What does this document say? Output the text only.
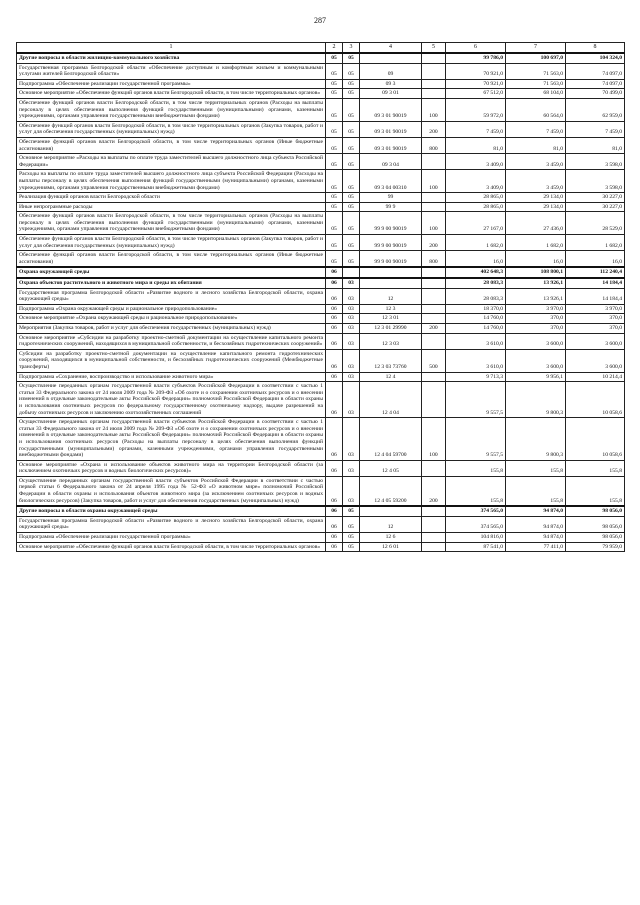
287
1	2	3	4	5	6	7	8
Другие вопросы в области жилищно-коммунального хозяйства	05	05			99 786,0	100 697,0	104 324,0
Государственная программа Белгородской области «Обеспечение доступным и комфортным жильем и коммунальными услугами жителей Белгородской области»	05	05	09		70 921,0	71 563,0	74 097,0
Подпрограмма «Обеспечение реализации государственной программы»	05	05	09 3		70 921,0	71 563,0	74 097,0
Основное мероприятие «Обеспечение функций органов власти Белгородской области, в том числе территориальных органов»	05	05	09 3 01		67 512,0	68 104,0	70 499,0
Обеспечение функций органов власти Белгородской области, в том числе территориальных органов (Расходы на выплаты персоналу в целях обеспечения выполнения функций государственными (муниципальными) органами, казенными учреждениями, органами управления государственными внебюджетными фондами)	05	05	09 3 01 90019	100	59 972,0	60 564,0	62 959,0
Обеспечение функций органов власти Белгородской области, в том числе территориальных органов (Закупка товаров, работ и услуг для обеспечения государственных (муниципальных) нужд)	05	05	09 3 01 90019	200	7 459,0	7 459,0	7 459,0
Обеспечение функций органов власти Белгородской области, в том числе территориальных органов (Иные бюджетные ассигнования)	05	05	09 3 01 90019	800	81,0	81,0	81,0
Основное мероприятие «Расходы на выплаты по оплате труда заместителей высшего должностного лица субъекта Российской Федерации»	05	05	09 3 04		3 409,0	3 459,0	3 598,0
Расходы на выплаты по оплате труда заместителей высшего должностного лица субъекта Российской Федерации (Расходы на выплаты персоналу в целях обеспечения выполнения функций государственными (муниципальными) органами, казенными учреждениями, органами управления государственными внебюджетными фондами)	05	05	09 3 04 00310	100	3 409,0	3 459,0	3 598,0
Реализация функций органов власти Белгородской области	05	05	99		28 865,0	29 134,0	30 227,0
Иные непрограммные расходы	05	05	99 9		28 865,0	29 134,0	30 227,0
Обеспечение функций органов власти Белгородской области, в том числе территориальных органов (Расходы на выплаты персоналу в целях обеспечения выполнения функций государственными (муниципальными) органами, казенными учреждениями, органами управления государственными внебюджетными фондами)	05	05	99 9 00 90019	100	27 167,0	27 436,0	28 529,0
Обеспечение функций органов власти Белгородской области, в том числе территориальных органов (Закупка товаров, работ и услуг для обеспечения государственных (муниципальных) нужд)	05	05	99 9 00 90019	200	1 682,0	1 682,0	1 682,0
Обеспечение функций органов власти Белгородской области, в том числе территориальных органов (Иные бюджетные ассигнования)	05	05	99 9 00 90019	800	16,0	16,0	16,0
Охрана окружающей среды	06				402 648,3	108 800,1	112 240,4
Охрана объектов растительного и животного мира и среды их обитания	06	03			28 083,3	13 926,1	14 184,4
Государственная программа Белгородской области «Развитие водного и лесного хозяйства Белгородской области, охрана окружающей среды»	06	03	12		28 083,3	13 926,1	14 184,4
Подпрограмма «Охрана окружающей среды и рациональное природопользование»	06	03	12 3		18 370,0	3 970,0	3 970,0
Основное мероприятие «Охрана окружающей среды и рациональное природопользование»	06	03	12 3 01		14 760,0	370,0	370,0
Мероприятия (Закупка товаров, работ и услуг для обеспечения государственных (муниципальных) нужд)	06	03	12 3 01 29990	200	14 760,0	370,0	370,0
Основное мероприятие «Субсидии на разработку проектно-сметной документации на осуществление капитального ремонта гидротехнических сооружений, находящихся в муниципальной собственности, и бесхозяйных гидротехнических сооружений»	06	03	12 3 03		3 610,0	3 600,0	3 600,0
Субсидии на разработку проектно-сметной документации на осуществление капитального ремонта гидротехнических сооружений, находящихся в муниципальной собственности, и бесхозяйных гидротехнических сооружений (Межбюджетные трансферты)	06	03	12 3 03 73760	500	3 610,0	3 600,0	3 600,0
Подпрограмма «Сохранение, воспроизводство и использование животного мира»	06	03	12 4		9 713,3	9 956,1	10 214,4
Осуществление переданных органам государственной власти субъектов Российской Федерации в соответствии с частью 1 статьи 33 Федерального закона от 24 июля 2009 года № 209-ФЗ «Об охоте и о сохранении охотничьих ресурсов и о внесении изменений в отдельные законодательные акты Российской Федерации» полномочий Российской Федерации в области охраны и использования охотничьих ресурсов по федеральному государственному охотничьему надзору, выдаче разрешений на добычу охотничьих ресурсов и заключению охотхозяйственных соглашений	06	03	12 4 04		9 557,5	9 800,3	10 058,6
Осуществление переданных органам государственной власти субъектов Российской Федерации в соответствии с частью 1 статьи 33 Федерального закона от 24 июля 2009 года № 209-ФЗ «Об охоте и о сохранении охотничьих ресурсов и о внесении изменений в отдельные законодательные акты Российской Федерации» полномочий Российской Федерации в области охраны и использования охотничьих ресурсов (Расходы на выплаты персоналу в целях обеспечения выполнения функций государственными (муниципальными) органами, казенными учреждениями, органами управления государственными внебюджетными фондами)	06	03	12 4 04 59700	100	9 557,5	9 800,3	10 058,6
Основное мероприятие «Охрана и использование объектов животного мира на территории Белгородской области (за исключением охотничьих ресурсов и водных биологических ресурсов)»	06	03	12 4 05		155,8	155,8	155,8
Осуществление переданных органам государственной власти субъектов Российской Федерации в соответствии с частью первой статьи 6 Федерального закона от 24 апреля 1995 года № 52-ФЗ «О животном мире» полномочий Российской Федерации в области охраны и использования объектов животного мира (за исключением охотничьих ресурсов и водных биологических ресурсов) (Закупка товаров, работ и услуг для обеспечения государственных (муниципальных) нужд)	06	03	12 4 05 59200	200	155,8	155,8	155,8
Другие вопросы в области охраны окружающей среды	06	05			374 565,0	94 874,0	98 056,0
Государственная программа Белгородской области «Развитие водного и лесного хозяйства Белгородской области, охрана окружающей среды»	06	05	12		374 565,0	94 874,0	98 056,0
Подпрограмма «Обеспечение реализации государственной программы»	06	05	12 6		104 816,0	94 874,0	98 056,0
Основное мероприятие «Обеспечение функций органов власти Белгородской области, в том числе территориальных органов»	06	05	12 6 01		87 541,0	77 411,0	79 959,0
